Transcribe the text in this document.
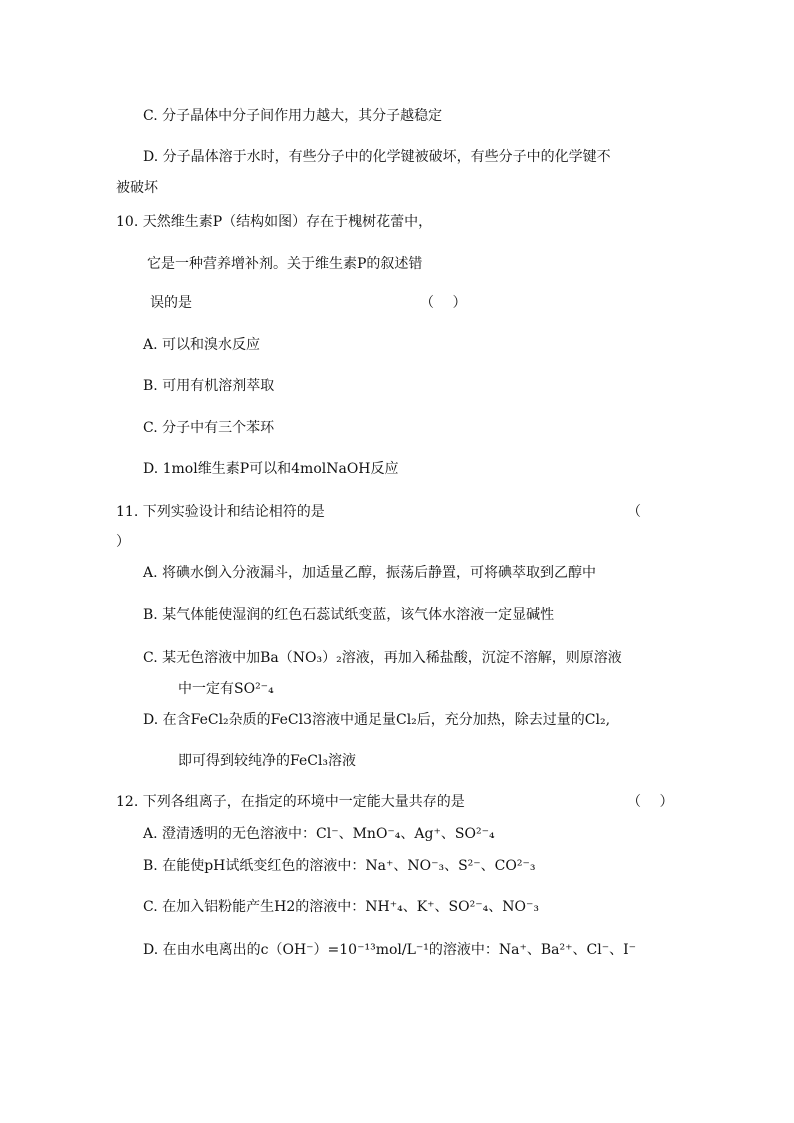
C. 分子晶体中分子间作用力越大，其分子越稳定
D. 分子晶体溶于水时，有些分子中的化学键被破坏，有些分子中的化学键不
被破坏
10. 天然维生素P（结构如图）存在于槐树花蕾中，
它是一种营养增补剂。关于维生素P的叙述错
误的是	（　 ）
A. 可以和溴水反应
B. 可用有机溶剂萃取
C. 分子中有三个苯环
D. 1mol维生素P可以和4molNaOH反应
11. 下列实验设计和结论相符的是	（
）
A. 将碘水倒入分液漏斗，加适量乙醇，振荡后静置，可将碘萃取到乙醇中
B. 某气体能使湿润的红色石蕊试纸变蓝，该气体水溶液一定显碱性
C. 某无色溶液中加Ba（NO₃）₂溶液，再加入稀盐酸，沉淀不溶解，则原溶液
中一定有SO²⁻₄
D. 在含FeCl₂杂质的FeCl3溶液中通足量Cl₂后，充分加热，除去过量的Cl₂,
即可得到较纯净的FeCl₃溶液
12. 下列各组离子，在指定的环境中一定能大量共存的是	（　 ）
A. 澄清透明的无色溶液中：Cl⁻、MnO⁻₄、Ag⁺、SO²⁻₄
B. 在能使pH试纸变红色的溶液中：Na⁺、NO⁻₃、S²⁻、CO²⁻₃
C. 在加入铝粉能产生H2的溶液中：NH⁺₄、K⁺、SO²⁻₄、NO⁻₃
D. 在由水电离出的c（OH⁻）=10⁻¹³mol/L⁻¹的溶液中：Na⁺、Ba²⁺、Cl⁻、I⁻
